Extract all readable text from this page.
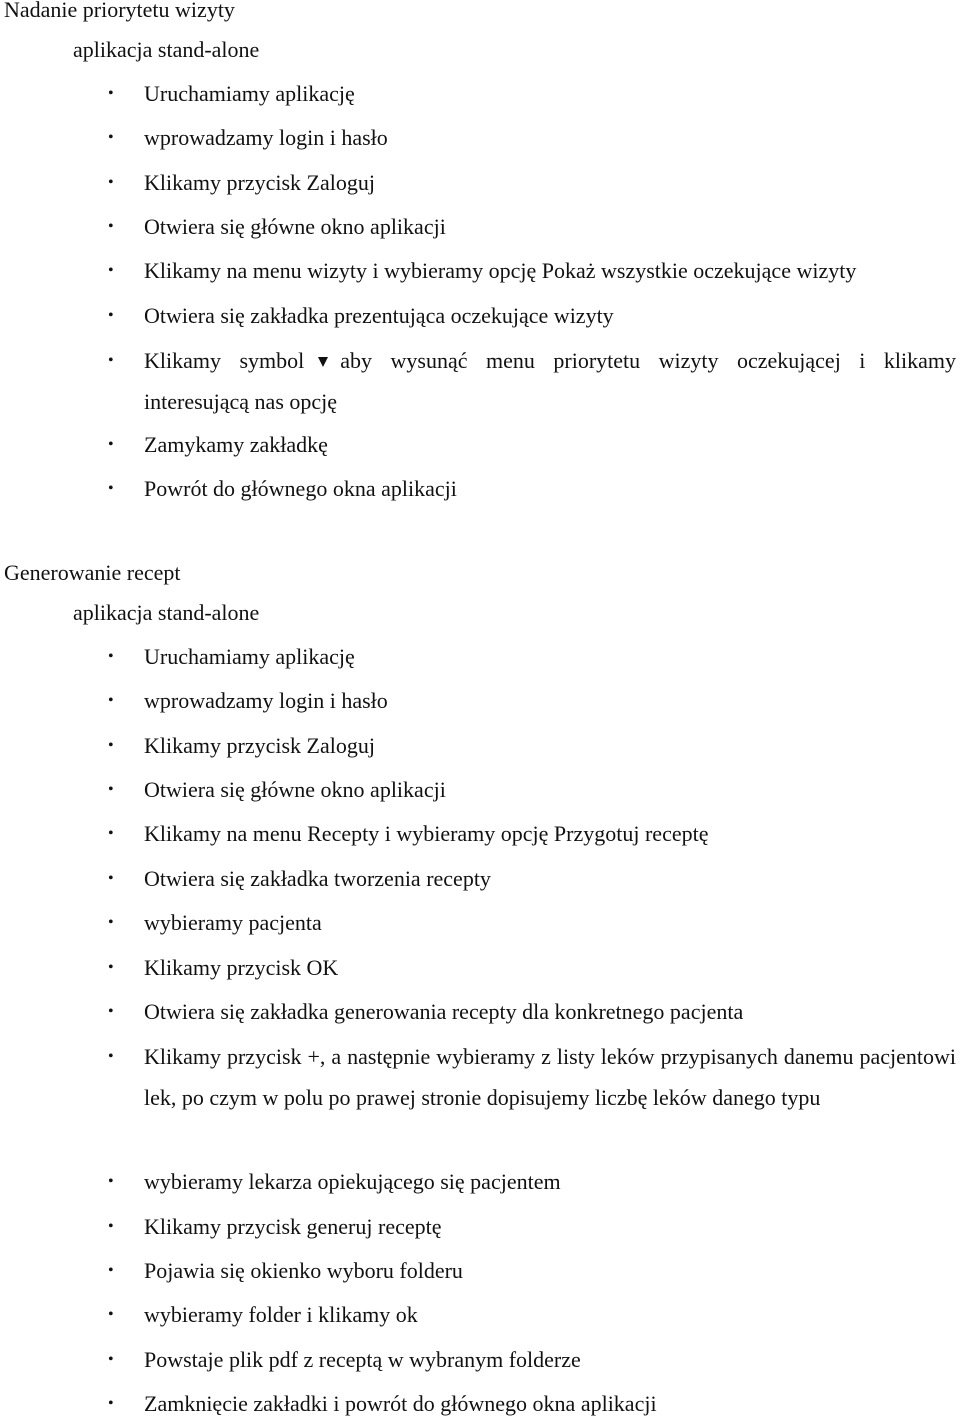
Nadanie priorytetu wizyty
aplikacja stand-alone
• Uruchamiamy aplikację
• wprowadzamy login i hasło
• Klikamy przycisk Zaloguj
• Otwiera się główne okno aplikacji
• Klikamy na menu wizyty i wybieramy opcję Pokaż wszystkie oczekujące wizyty
• Otwiera się zakładka prezentująca oczekujące wizyty
• Klikamy symbol aby wysunąć menu priorytetu wizyty oczekującej i klikamy interesującą nas opcję
• Zamykamy zakładkę
• Powrót do głównego okna aplikacji
Generowanie recept
aplikacja stand-alone
• Uruchamiamy aplikację
• wprowadzamy login i hasło
• Klikamy przycisk Zaloguj
• Otwiera się główne okno aplikacji
• Klikamy na menu Recepty i wybieramy opcję Przygotuj receptę
• Otwiera się zakładka tworzenia recepty
• wybieramy pacjenta
• Klikamy przycisk OK
• Otwiera się zakładka generowania recepty dla konkretnego pacjenta
• Klikamy przycisk +, a następnie wybieramy z listy leków przypisanych danemu pacjentowi lek, po czym w polu po prawej stronie dopisujemy liczbę leków danego typu
• wybieramy lekarza opiekującego się pacjentem
• Klikamy przycisk generuj receptę
• Pojawia się okienko wyboru folderu
• wybieramy folder i klikamy ok
• Powstaje plik pdf z receptą w wybranym folderze
• Zamknięcie zakładki i powrót do głównego okna aplikacji
